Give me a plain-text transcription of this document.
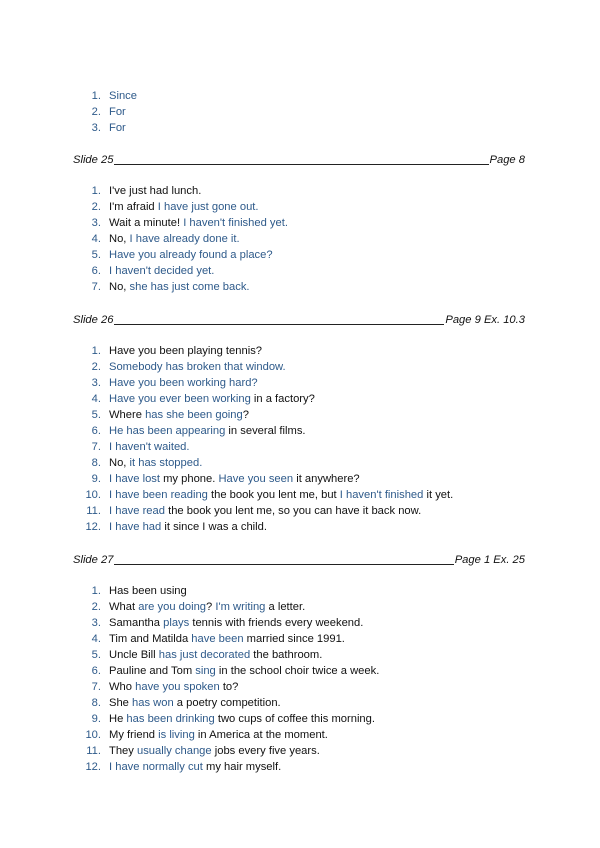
1. Since
2. For
3. For
Slide 25	Page 8
1. I've just had lunch.
2. I'm afraid I have just gone out.
3. Wait a minute! I haven't finished yet.
4. No, I have already done it.
5. Have you already found a place?
6. I haven't decided yet.
7. No, she has just come back.
Slide 26	Page 9 Ex. 10.3
1. Have you been playing tennis?
2. Somebody has broken that window.
3. Have you been working hard?
4. Have you ever been working in a factory?
5. Where has she been going?
6. He has been appearing in several films.
7. I haven't waited.
8. No, it has stopped.
9. I have lost my phone. Have you seen it anywhere?
10. I have been reading the book you lent me, but I haven't finished it yet.
11. I have read the book you lent me, so you can have it back now.
12. I have had it since I was a child.
Slide 27	Page 1 Ex. 25
1. Has been using
2. What are you doing? I'm writing a letter.
3. Samantha plays tennis with friends every weekend.
4. Tim and Matilda have been married since 1991.
5. Uncle Bill has just decorated the bathroom.
6. Pauline and Tom sing in the school choir twice a week.
7. Who have you spoken to?
8. She has won a poetry competition.
9. He has been drinking two cups of coffee this morning.
10. My friend is living in America at the moment.
11. They usually change jobs every five years.
12. I have normally cut my hair myself.
